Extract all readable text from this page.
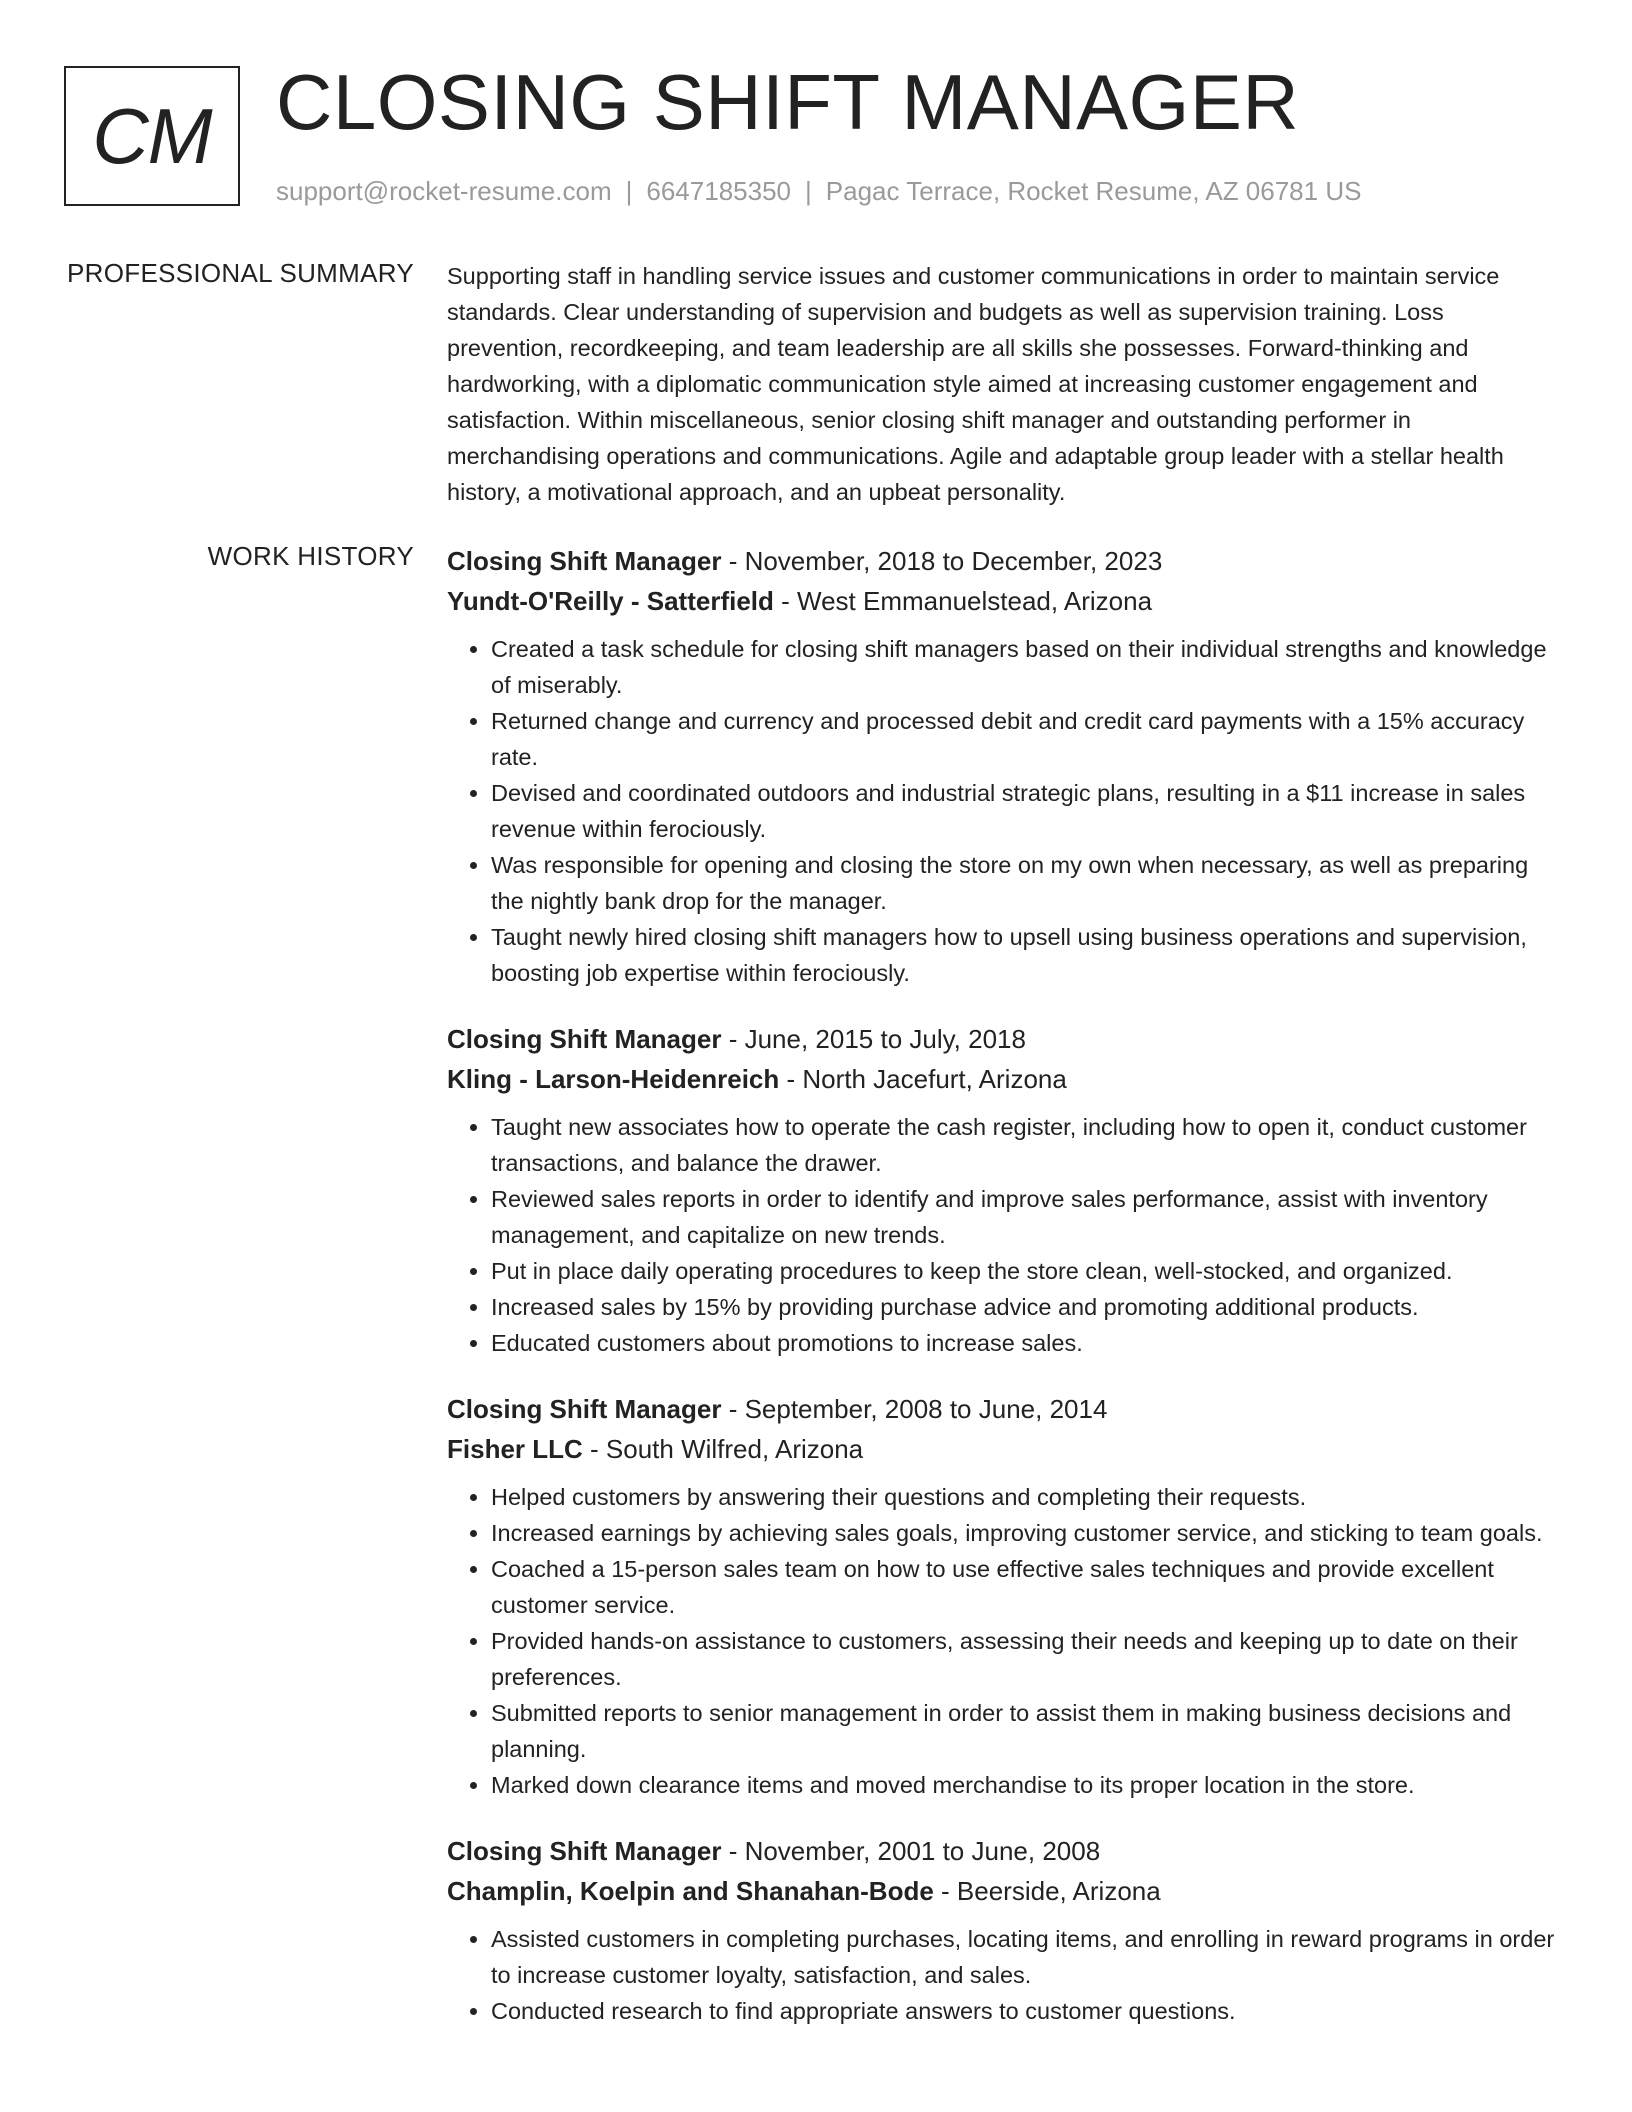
CM CLOSING SHIFT MANAGER
support@rocket-resume.com | 6647185350 | Pagac Terrace, Rocket Resume, AZ 06781 US
PROFESSIONAL SUMMARY Supporting staff in handling service issues and customer communications in order to maintain service standards. Clear understanding of supervision and budgets as well as supervision training. Loss prevention, recordkeeping, and team leadership are all skills she possesses. Forward-thinking and hardworking, with a diplomatic communication style aimed at increasing customer engagement and satisfaction. Within miscellaneous, senior closing shift manager and outstanding performer in merchandising operations and communications. Agile and adaptable group leader with a stellar health history, a motivational approach, and an upbeat personality.

WORK HISTORY Closing Shift Manager - November, 2018 to December, 2023

Yundt-O'Reilly - Satterfield - West Emmanuelstead, Arizona

• Created a task schedule for closing shift managers based on their individual strengths and knowledge of miserably.
• Returned change and currency and processed debit and credit card payments with a 15% accuracy rate.
• Devised and coordinated outdoors and industrial strategic plans, resulting in a $11 increase in sales revenue within ferociously.
• Was responsible for opening and closing the store on my own when necessary, as well as preparing the nightly bank drop for the manager.
• Taught newly hired closing shift managers how to upsell using business operations and supervision, boosting job expertise within ferociously.

Closing Shift Manager - June, 2015 to July, 2018

Kling - Larson-Heidenreich - North Jacefurt, Arizona

• Taught new associates how to operate the cash register, including how to open it, conduct customer transactions, and balance the drawer.
• Reviewed sales reports in order to identify and improve sales performance, assist with inventory management, and capitalize on new trends.
• Put in place daily operating procedures to keep the store clean, well-stocked, and organized.
• Increased sales by 15% by providing purchase advice and promoting additional products.
• Educated customers about promotions to increase sales.

Closing Shift Manager - September, 2008 to June, 2014

Fisher LLC - South Wilfred, Arizona

• Helped customers by answering their questions and completing their requests.
• Increased earnings by achieving sales goals, improving customer service, and sticking to team goals.
• Coached a 15-person sales team on how to use effective sales techniques and provide excellent customer service.
• Provided hands-on assistance to customers, assessing their needs and keeping up to date on their preferences.
• Submitted reports to senior management in order to assist them in making business decisions and planning.
• Marked down clearance items and moved merchandise to its proper location in the store.

Closing Shift Manager - November, 2001 to June, 2008

Champlin, Koelpin and Shanahan-Bode - Beerside, Arizona

• Assisted customers in completing purchases, locating items, and enrolling in reward programs in order to increase customer loyalty, satisfaction, and sales.
• Conducted research to find appropriate answers to customer questions.
